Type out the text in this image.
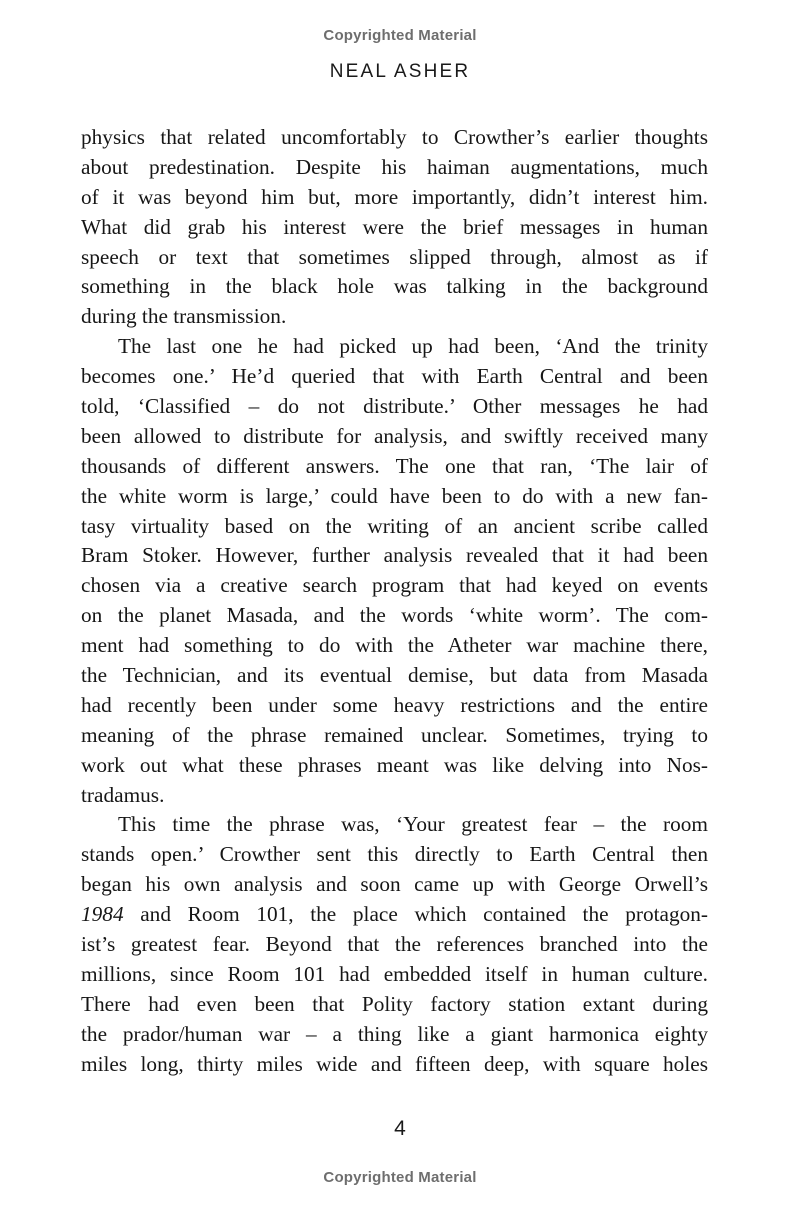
Copyrighted Material
NEAL ASHER
physics that related uncomfortably to Crowther’s earlier thoughts
about predestination. Despite his haiman augmentations, much
of it was beyond him but, more importantly, didn’t interest him.
What did grab his interest were the brief messages in human
speech or text that sometimes slipped through, almost as if
something in the black hole was talking in the background
during the transmission.
The last one he had picked up had been, ‘And the trinity
becomes one.’ He’d queried that with Earth Central and been
told, ‘Classified – do not distribute.’ Other messages he had
been allowed to distribute for analysis, and swiftly received many
thousands of different answers. The one that ran, ‘The lair of
the white worm is large,’ could have been to do with a new fan-
tasy virtuality based on the writing of an ancient scribe called
Bram Stoker. However, further analysis revealed that it had been
chosen via a creative search program that had keyed on events
on the planet Masada, and the words ‘white worm’. The com-
ment had something to do with the Atheter war machine there,
the Technician, and its eventual demise, but data from Masada
had recently been under some heavy restrictions and the entire
meaning of the phrase remained unclear. Sometimes, trying to
work out what these phrases meant was like delving into Nos-
tradamus.
This time the phrase was, ‘Your greatest fear – the room
stands open.’ Crowther sent this directly to Earth Central then
began his own analysis and soon came up with George Orwell’s
1984 and Room 101, the place which contained the protagon-
ist’s greatest fear. Beyond that the references branched into the
millions, since Room 101 had embedded itself in human culture.
There had even been that Polity factory station extant during
the prador/human war – a thing like a giant harmonica eighty
miles long, thirty miles wide and fifteen deep, with square holes
4
Copyrighted Material
